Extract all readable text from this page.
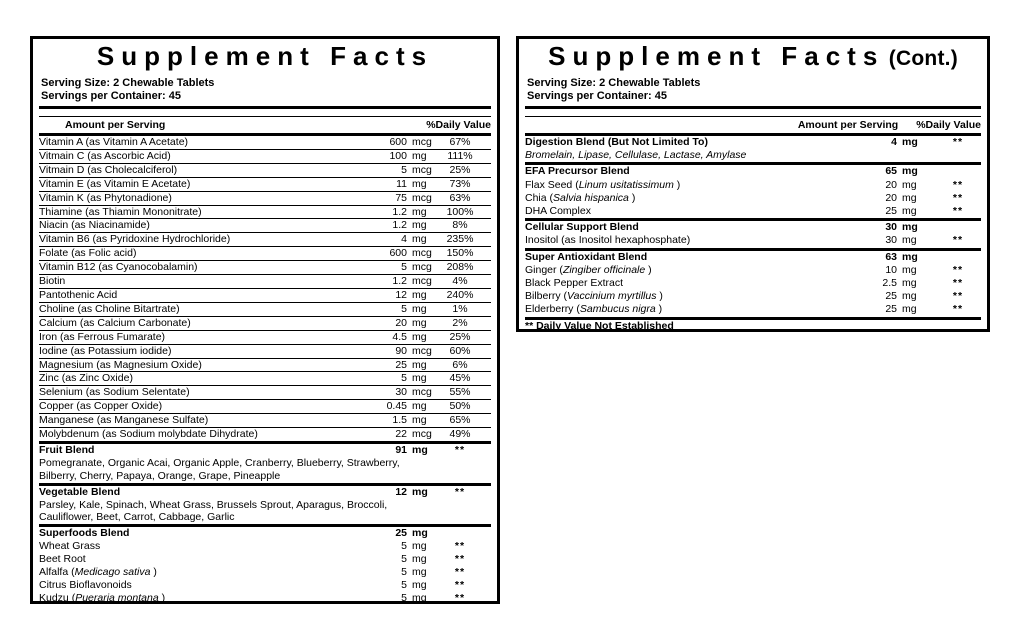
Supplement Facts
Serving Size: 2 Chewable Tablets
Servings per Container: 45
Amount per Serving	%Daily Value
Vitamin A (as Vitamin A Acetate)	600 mcg	67%
Vitmain C (as Ascorbic Acid)	100 mg	111%
Vitmain D (as Cholecalciferol)	5 mcg	25%
Vitamin E (as Vitamin E Acetate)	11 mg	73%
Vitamin K (as Phytonadione)	75 mcg	63%
Thiamine (as Thiamin Mononitrate)	1.2 mg	100%
Niacin (as Niacinamide)	1.2 mg	8%
Vitamin B6 (as Pyridoxine Hydrochloride)	4 mg	235%
Folate (as Folic acid)	600 mcg	150%
Vitamin B12 (as Cyanocobalamin)	5 mcg	208%
Biotin	1.2 mcg	4%
Pantothenic Acid	12 mg	240%
Choline (as Choline Bitartrate)	5 mg	1%
Calcium (as Calcium Carbonate)	20 mg	2%
Iron (as Ferrous Fumarate)	4.5 mg	25%
Iodine (as Potassium iodide)	90 mcg	60%
Magnesium (as Magnesium Oxide)	25 mg	6%
Zinc (as Zinc Oxide)	5 mg	45%
Selenium (as Sodium Selentate)	30 mcg	55%
Copper (as Copper Oxide)	0.45 mg	50%
Manganese (as Manganese Sulfate)	1.5 mg	65%
Molybdenum (as Sodium molybdate Dihydrate)	22 mcg	49%
Fruit Blend	91 mg	**
Pomegranate, Organic Acai, Organic Apple, Cranberry, Blueberry, Strawberry,
Bilberry, Cherry, Papaya, Orange, Grape, Pineapple
Vegetable Blend	12 mg	**
Parsley, Kale, Spinach, Wheat Grass, Brussels Sprout, Aparagus, Broccoli,
Cauliflower, Beet, Carrot, Cabbage, Garlic
Superfoods Blend	25 mg
Wheat Grass	5 mg	**
Beet Root	5 mg	**
Alfalfa (Medicago sativa )	5 mg	**
Citrus Bioflavonoids	5 mg	**
Kudzu (Pueraria montana )	5 mg	**
Supplement Facts (Cont.)
Serving Size: 2 Chewable Tablets
Servings per Container: 45
Amount per Serving %Daily Value
Digestion Blend (But Not Limited To)	4 mg	**
Bromelain, Lipase, Cellulase, Lactase, Amylase
EFA Precursor Blend	65 mg
Flax Seed (Linum usitatissimum )	20 mg	**
Chia (Salvia hispanica )	20 mg	**
DHA Complex	25 mg	**
Cellular Support Blend	30 mg
Inositol (as Inositol hexaphosphate)	30 mg	**
Super Antioxidant Blend	63 mg
Ginger (Zingiber officinale )	10 mg	**
Black Pepper Extract	2.5 mg	**
Bilberry (Vaccinium myrtillus )	25 mg	**
Elderberry (Sambucus nigra )	25 mg	**
** Daily Value Not Established
